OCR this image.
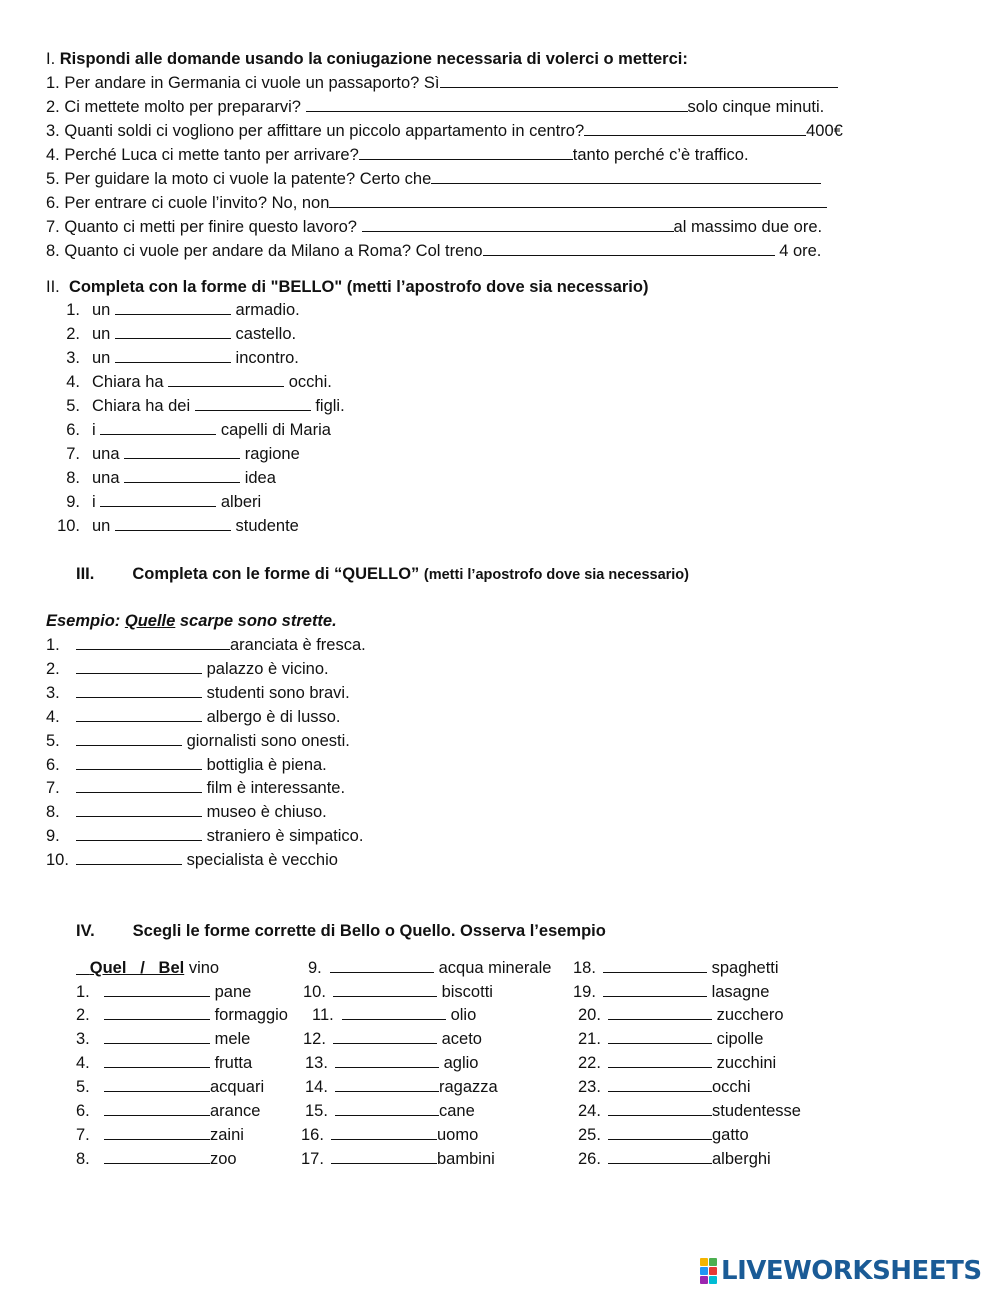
I. Rispondi alle domande usando la coniugazione necessaria di volerci o metterci:
1. Per andare in Germania ci vuole un passaporto? Sì
2. Ci mettete molto per prepararvi?	solo cinque minuti.
3. Quanti soldi ci vogliono per affittare un piccolo appartamento in centro?	400€
4. Perché Luca ci mette tanto per arrivare?	tanto perché c’è traffico.
5. Per guidare la moto ci vuole la patente? Certo che
6. Per entrare ci cuole l’invito? No, non
7. Quanto ci metti per finire questo lavoro?	al massimo due ore.
8. Quanto ci vuole per andare da Milano a Roma? Col treno	4 ore.
II. Completa con la forme di "BELLO" (metti l’apostrofo dove sia necessario)
1. un	armadio.
2. un	castello.
3. un	incontro.
4. Chiara ha	occhi.
5. Chiara ha dei	figli.
6. i	capelli di Maria
7. una	ragione
8. una	idea
9. i	alberi
10. un	studente
III. Completa con le forme di “QUELLO” (metti l’apostrofo dove sia necessario)
Esempio: Quelle scarpe sono strette.
1.	aranciata è fresca.
2.	palazzo è vicino.
3.	studenti sono bravi.
4.	albergo è di lusso.
5.	giornalisti sono onesti.
6.	bottiglia è piena.
7.	film è interessante.
8.	museo è chiuso.
9.	straniero è simpatico.
10.	specialista è vecchio
IV. Scegli le forme corrette di Bello o Quello. Osserva l’esempio
Quel   /   Bel vino
1.	pane
2.	formaggio
3.	mele
4.	frutta
5.	acquari
6.	arance
7.	zaini
8.	zoo
9.	acqua minerale
10.	biscotti
11.	olio
12.	aceto
13.	aglio
14.	ragazza
15.	cane
16.	uomo
17.	bambini
18.	spaghetti
19.	lasagne
20.	zucchero
21.	cipolle
22.	zucchini
23.	occhi
24.	studentesse
25.	gatto
26.	alberghi
LIVEWORKSHEETS
